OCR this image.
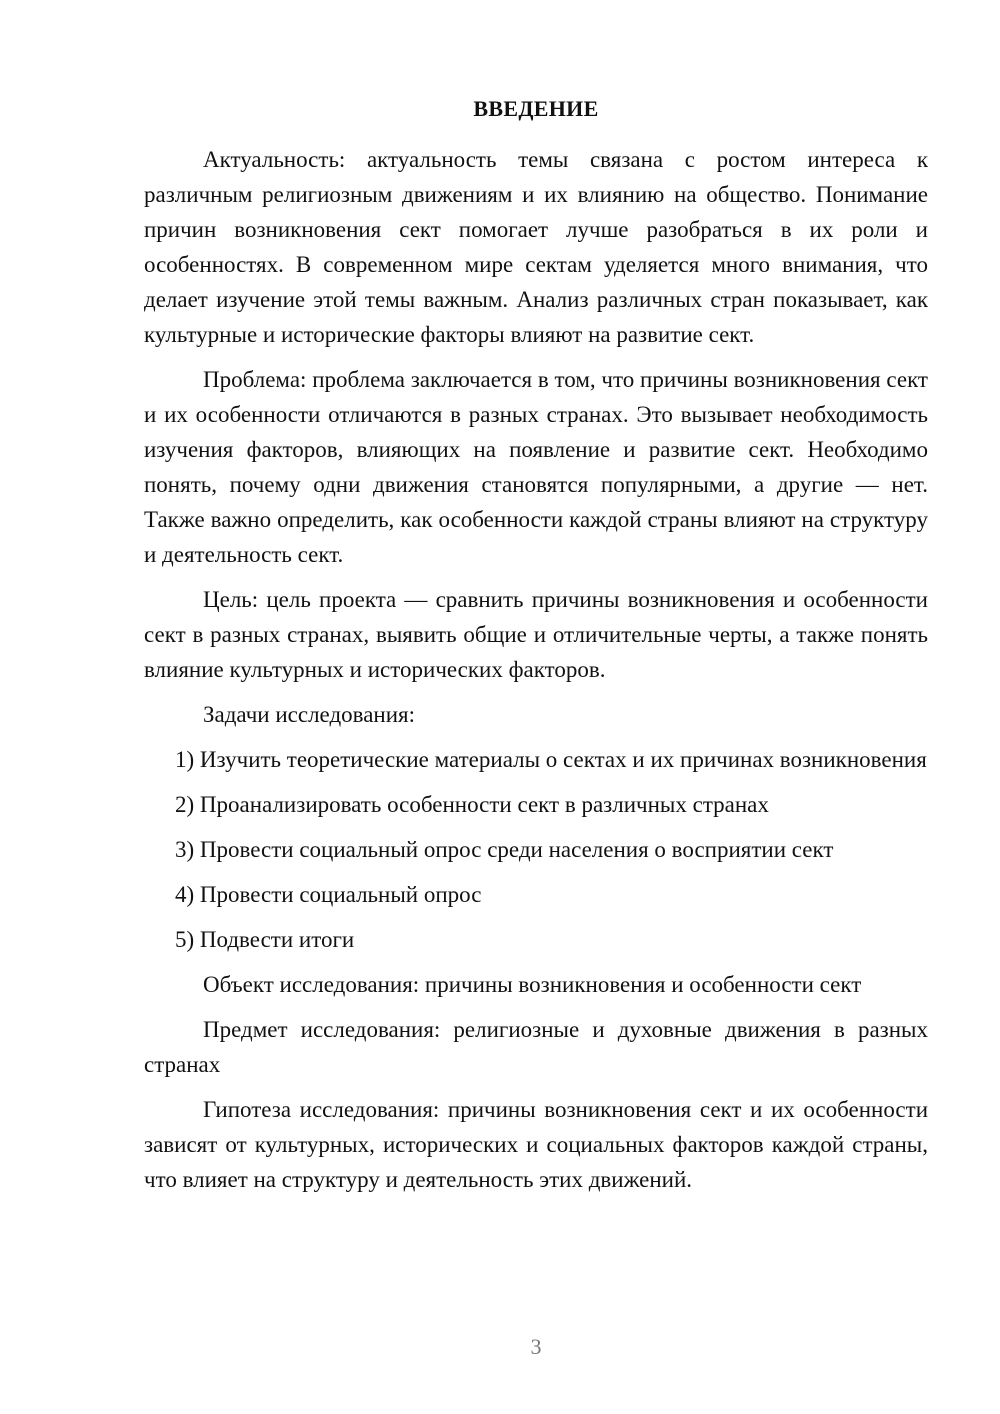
ВВЕДЕНИЕ

Актуальность: актуальность темы связана с ростом интереса к различным религиозным движениям и их влиянию на общество. Понимание причин возникновения сект помогает лучше разобраться в их роли и особенностях. В современном мире сектам уделяется много внимания, что делает изучение этой темы важным. Анализ различных стран показывает, как культурные и исторические факторы влияют на развитие сект.

Проблема: проблема заключается в том, что причины возникновения сект и их особенности отличаются в разных странах. Это вызывает необходимость изучения факторов, влияющих на появление и развитие сект. Необходимо понять, почему одни движения становятся популярными, а другие — нет. Также важно определить, как особенности каждой страны влияют на структуру и деятельность сект.

Цель: цель проекта — сравнить причины возникновения и особенности сект в разных странах, выявить общие и отличительные черты, а также понять влияние культурных и исторических факторов.

Задачи исследования:

1) Изучить теоретические материалы о сектах и их причинах возникновения

2) Проанализировать особенности сект в различных странах

3) Провести социальный опрос среди населения о восприятии сект

4) Провести социальный опрос

5) Подвести итоги

Объект исследования: причины возникновения и особенности сект

Предмет исследования: религиозные и духовные движения в разных странах

Гипотеза исследования: причины возникновения сект и их особенности зависят от культурных, исторических и социальных факторов каждой страны, что влияет на структуру и деятельность этих движений.

3
